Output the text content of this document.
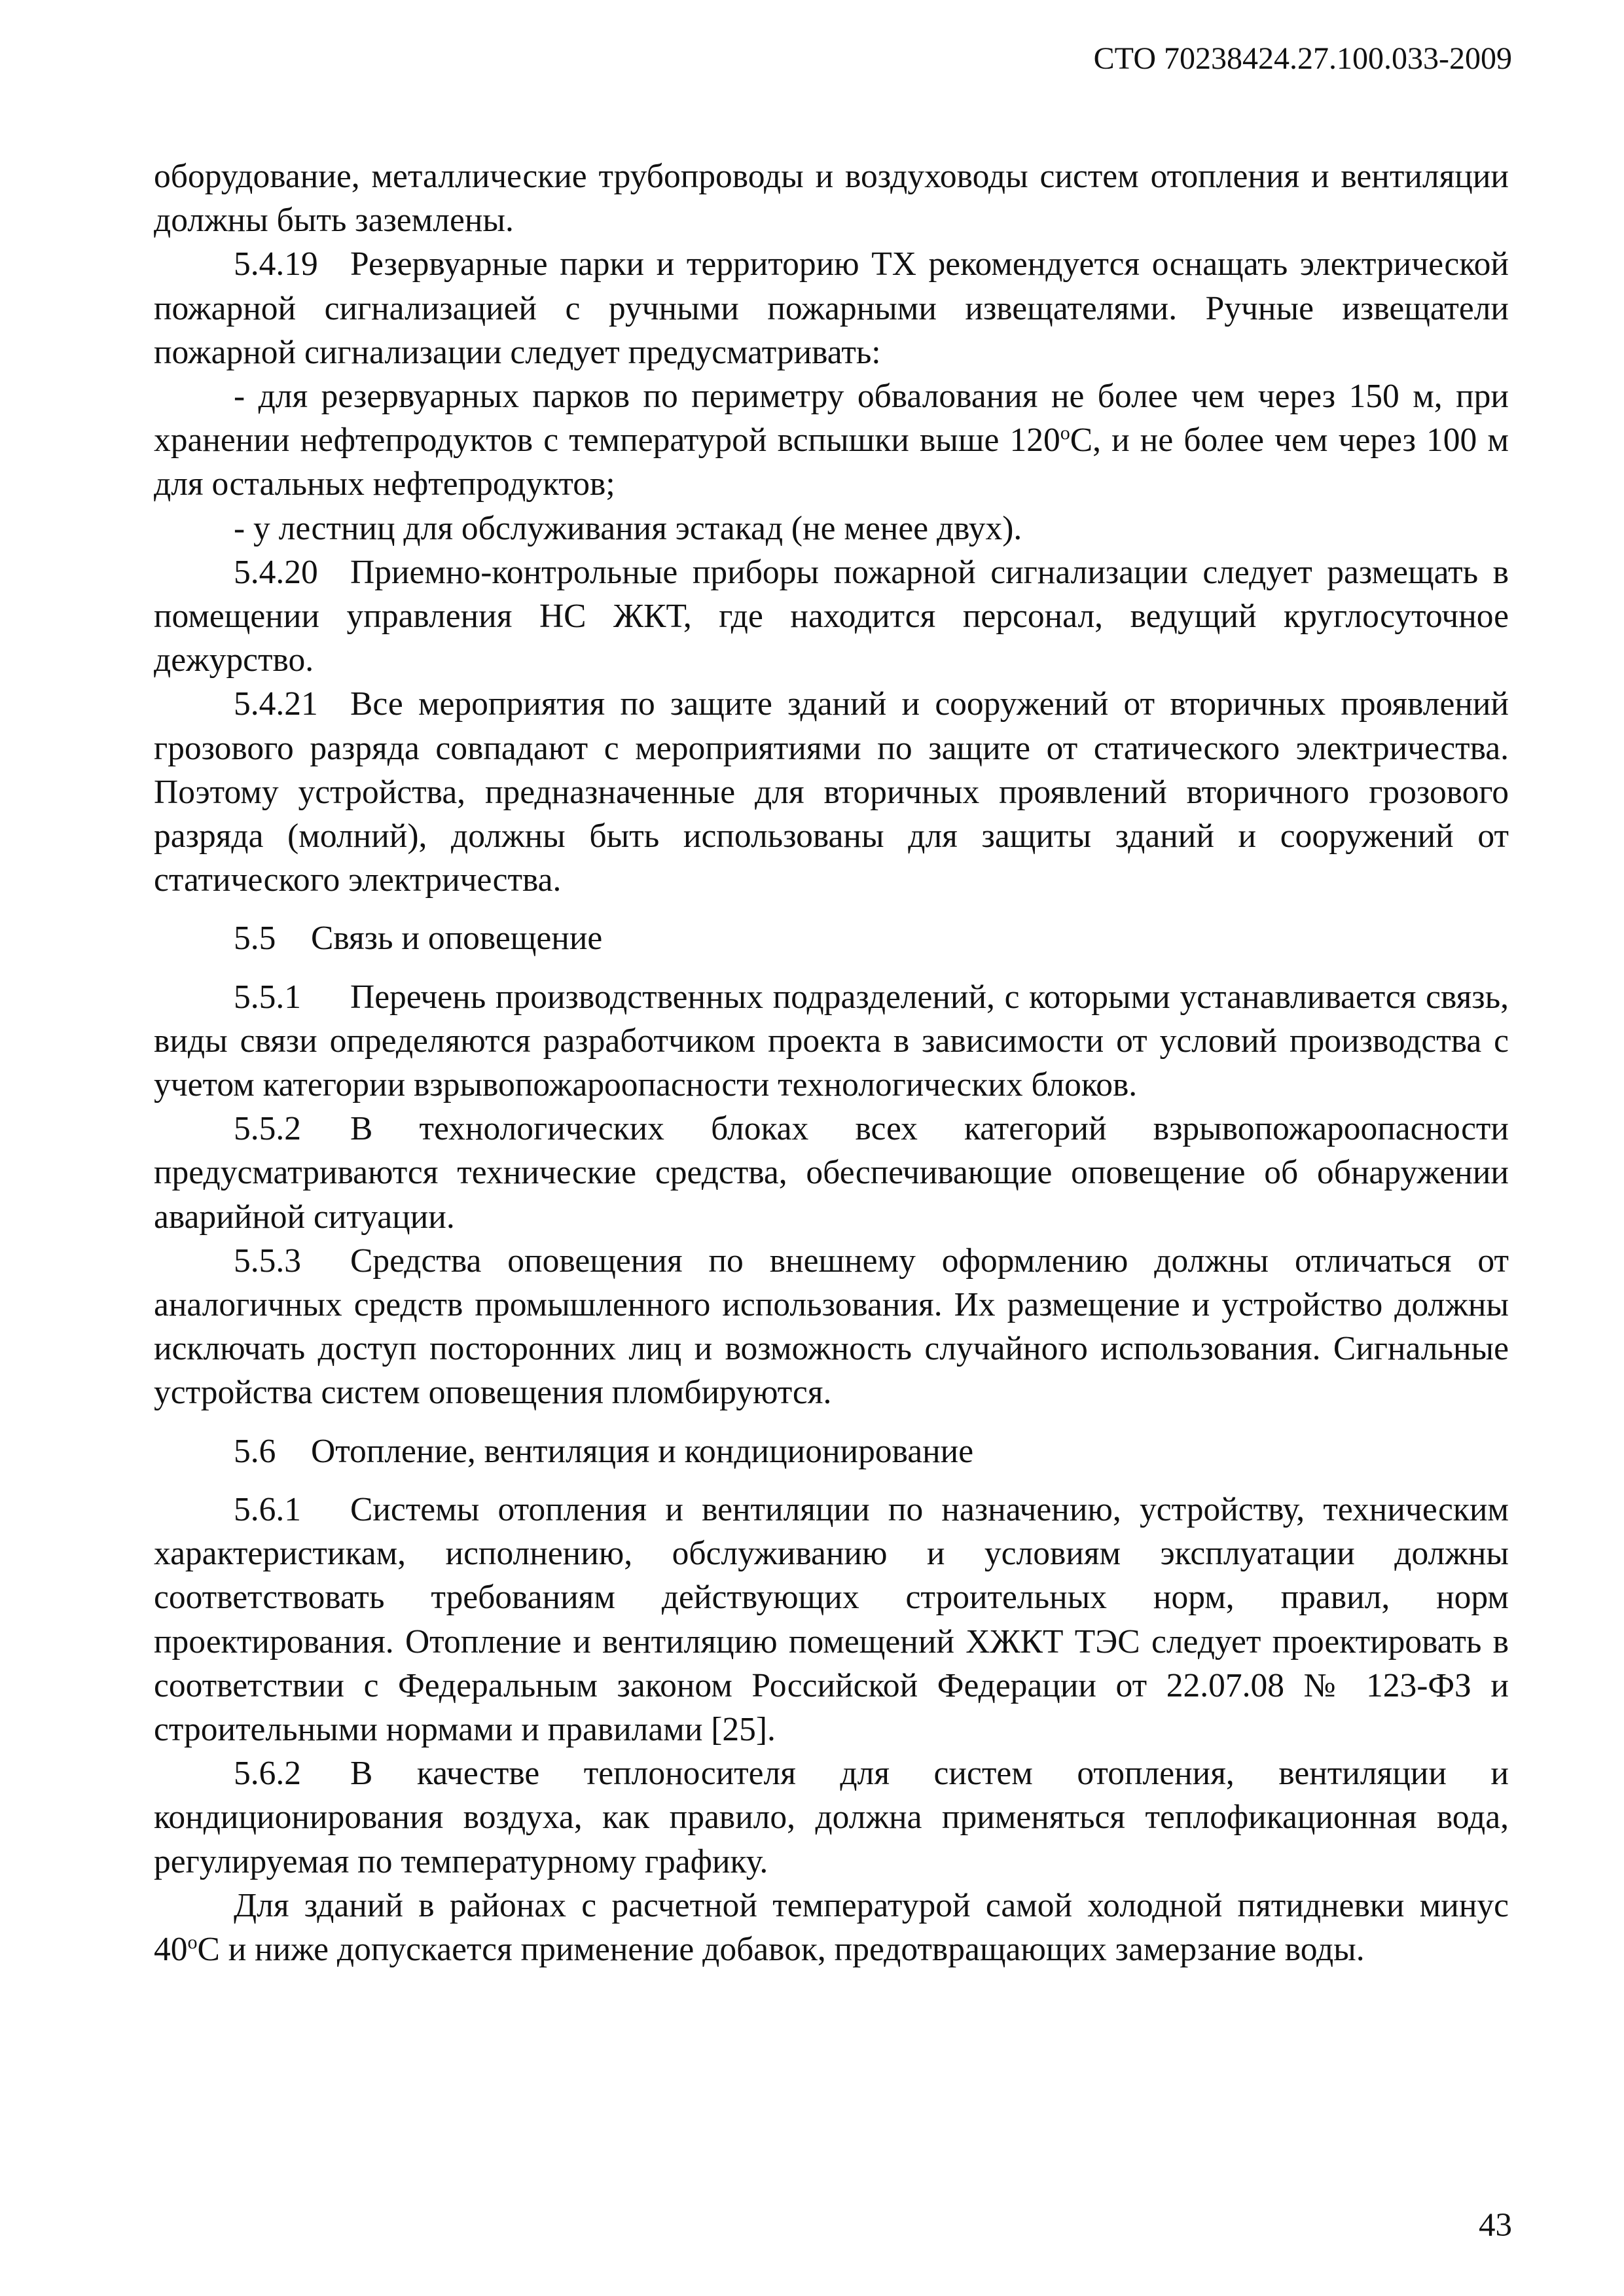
СТО 70238424.27.100.033-2009

оборудование, металлические трубопроводы и воздуховоды систем отопления и вентиляции должны быть заземлены.

5.4.19 Резервуарные парки и территорию ТХ рекомендуется оснащать электрической пожарной сигнализацией с ручными пожарными извещателями. Ручные извещатели пожарной сигнализации следует предусматривать:

- для резервуарных парков по периметру обвалования не более чем через 150 м, при хранении нефтепродуктов с температурой вспышки выше $120^оС$, и не более чем через 100 м для остальных нефтепродуктов;

- у лестниц для обслуживания эстакад (не менее двух).

5.4.20 Приемно-контрольные приборы пожарной сигнализации следует размещать в помещении управления НС ЖКТ, где находится персонал, ведущий круглосуточное дежурство.

5.4.21 Все мероприятия по защите зданий и сооружений от вторичных проявлений грозового разряда совпадают с мероприятиями по защите от статического электричества. Поэтому устройства, предназначенные для вторичных проявлений вторичного грозового разряда (молний), должны быть использованы для защиты зданий и сооружений от статического электричества.

5.5 Связь и оповещение

5.5.1 Перечень производственных подразделений, с которыми устанавливается связь, виды связи определяются разработчиком проекта в зависимости от условий производства с учетом категории взрывопожароопасности технологических блоков.

5.5.2 В технологических блоках всех категорий взрывопожароопасности предусматриваются технические средства, обеспечивающие оповещение об обнаружении аварийной ситуации.

5.5.3 Средства оповещения по внешнему оформлению должны отличаться от аналогичных средств промышленного использования. Их размещение и устройство должны исключать доступ посторонних лиц и возможность случайного использования. Сигнальные устройства систем оповещения пломбируются.

5.6 Отопление, вентиляция и кондиционирование

5.6.1 Системы отопления и вентиляции по назначению, устройству, техническим характеристикам, исполнению, обслуживанию и условиям эксплуатации должны соответствовать требованиям действующих строительных норм, правил, норм проектирования. Отопление и вентиляцию помещений ХЖКТ ТЭС следует проектировать в соответствии с Федеральным законом Российской Федерации от 22.07.08 № 123-ФЗ и строительными нормами и правилами [25].

5.6.2 В качестве теплоносителя для систем отопления, вентиляции и кондиционирования воздуха, как правило, должна применяться теплофикационная вода, регулируемая по температурному графику.

Для зданий в районах с расчетной температурой самой холодной пятидневки минус $40^оС$ и ниже допускается применение добавок, предотвращающих замерзание воды.

43
